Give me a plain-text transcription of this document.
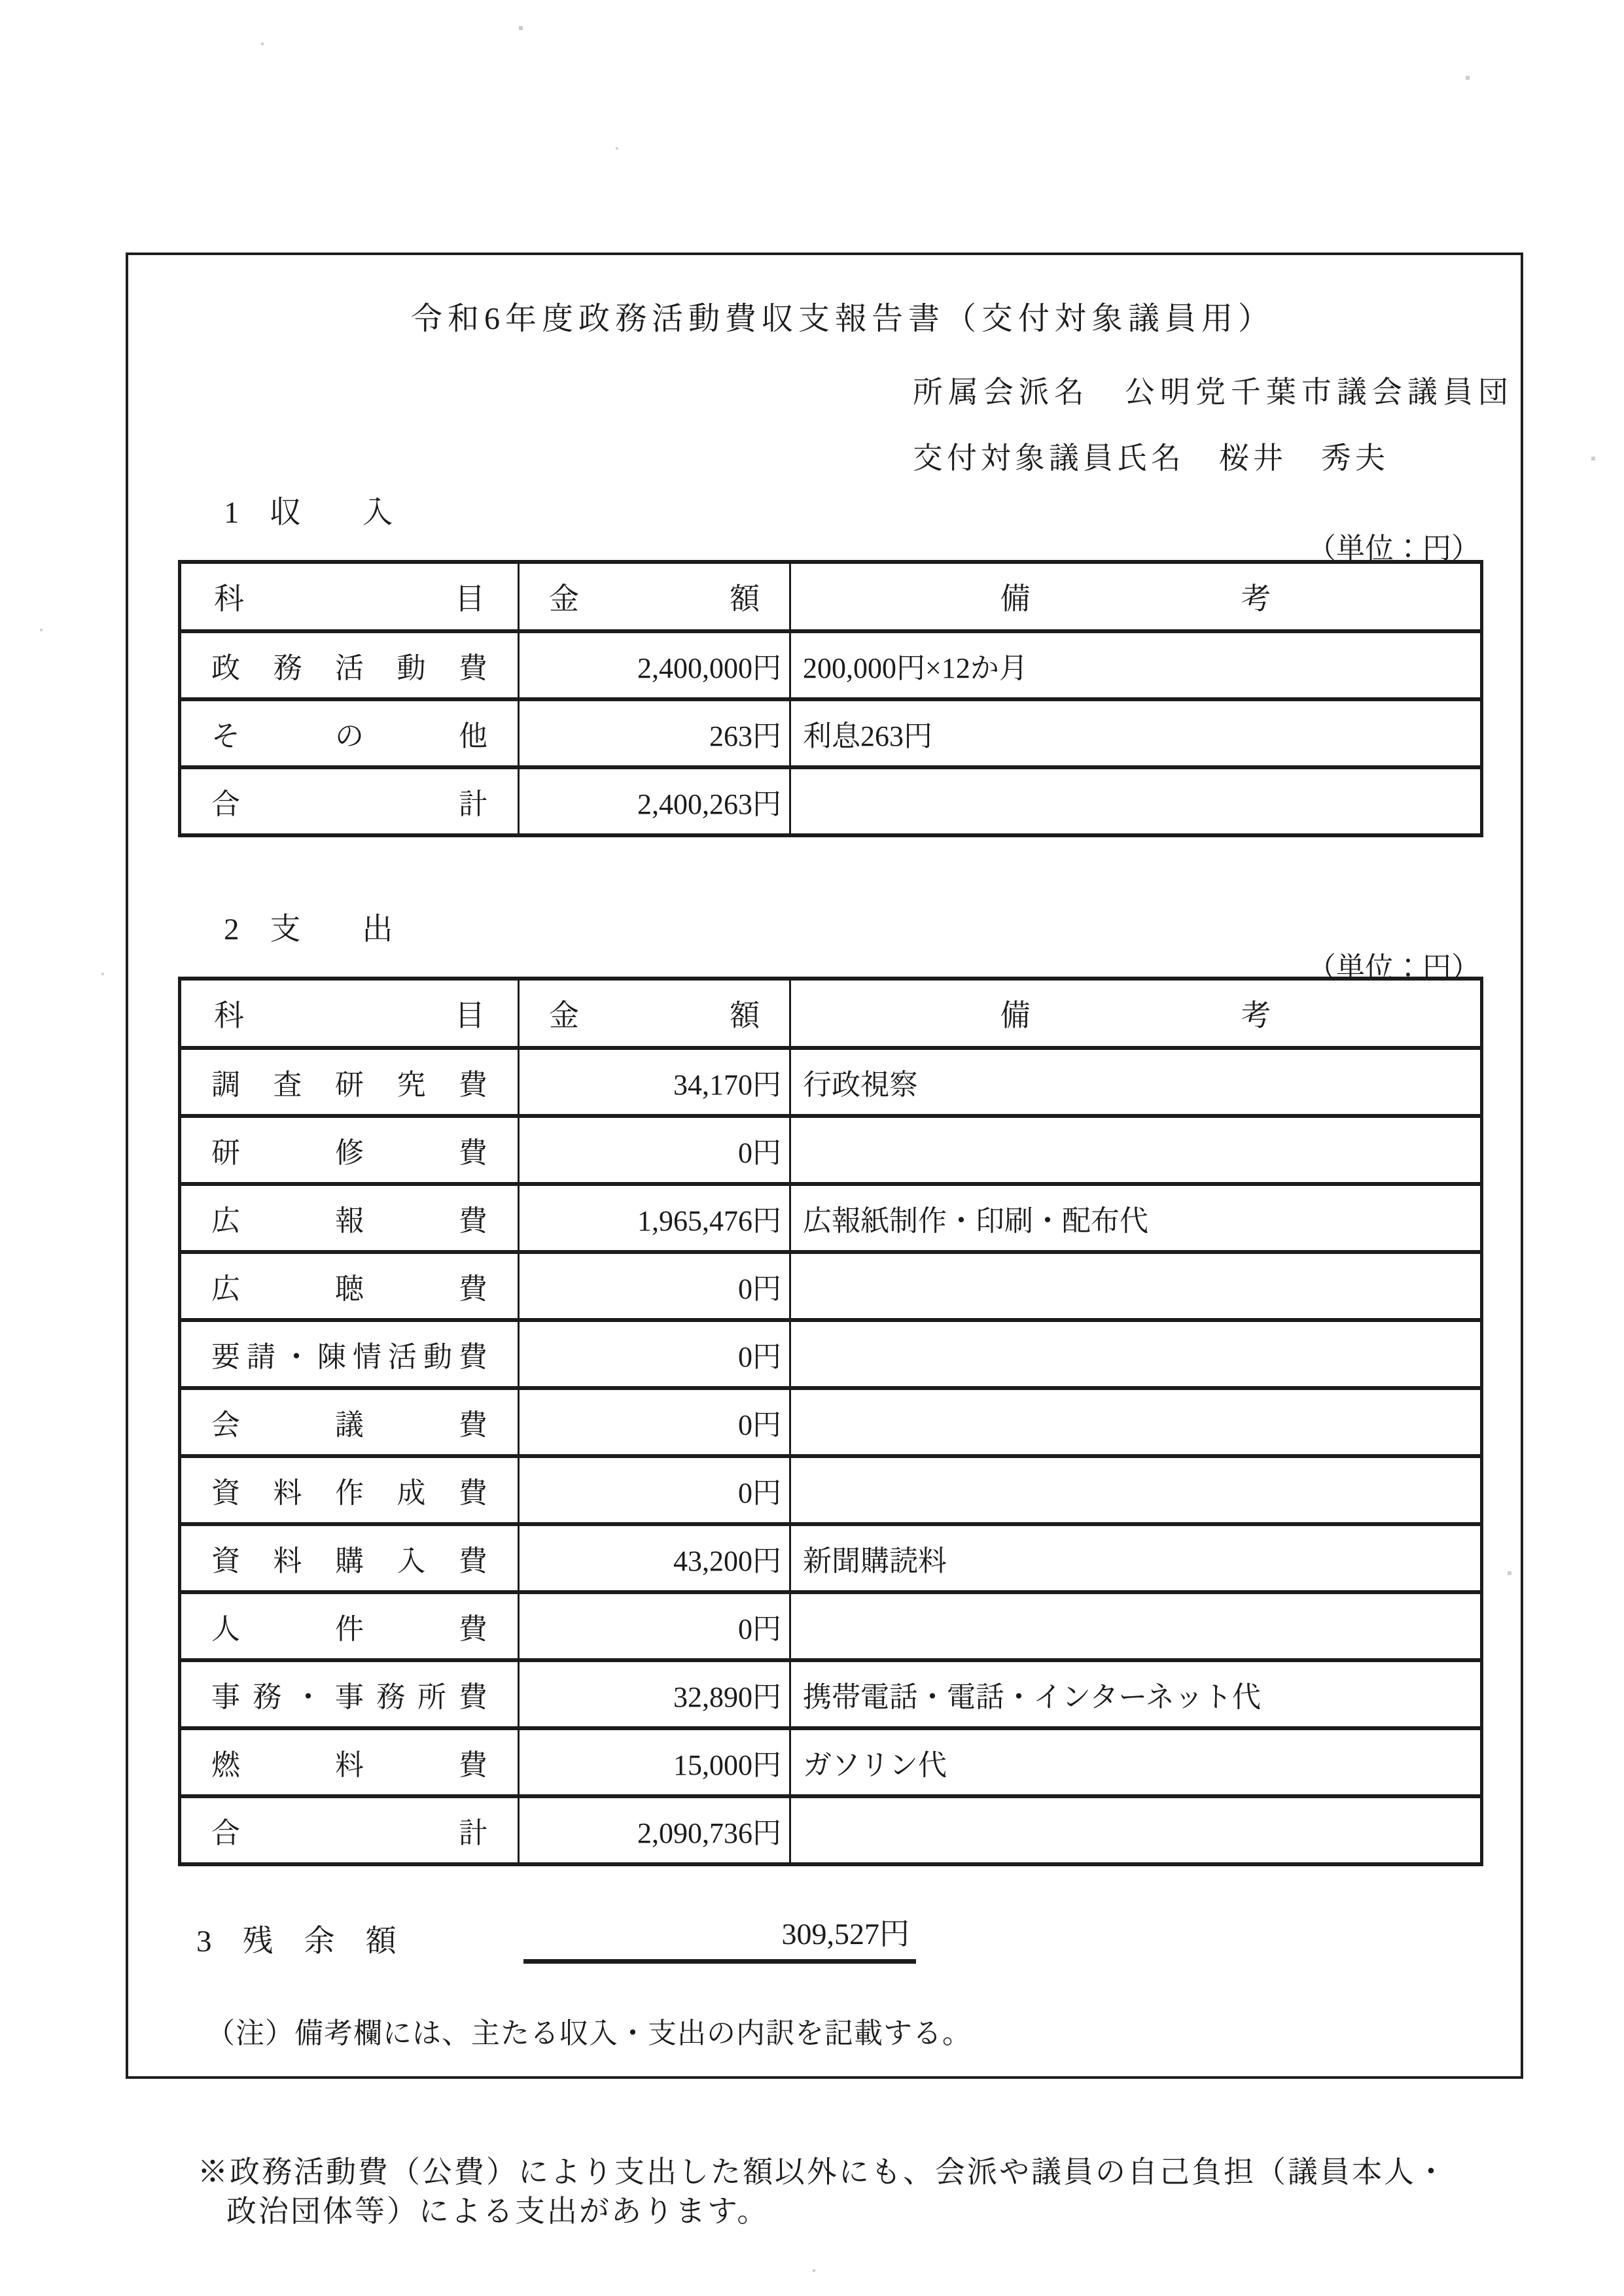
令和6年度政務活動費収支報告書（交付対象議員用）
所属会派名　公明党千葉市議会議員団
交付対象議員氏名　桜井　秀夫
1　収　　入
（単位：円）
科　　　　　　　目	金　　　　　額	備　　　　　　　考

政 務 活 動 費	2,400,000円	200,000円×12か月

そ の 他	263円	利息263円

合 計	2,400,263円	
2　支　　出
（単位：円）
科　　　　　　　目	金　　　　　額	備　　　　　　　考

調 査 研 究 費	34,170円	行政視察

研 修 費	0円	

広 報 費	1,965,476円	広報紙制作・印刷・配布代

広 聴 費	0円	

要 請 ・ 陳 情 活 動 費	0円	

会 議 費	0円	

資 料 作 成 費	0円	

資 料 購 入 費	43,200円	新聞購読料

人 件 費	0円	

事 務 ・ 事 務 所 費	32,890円	携帯電話・電話・インターネット代

燃 料 費	15,000円	ガソリン代

合 計	2,090,736円	
3　残　余　額	309,527円
（注）備考欄には、主たる収入・支出の内訳を記載する。
※政務活動費（公費）により支出した額以外にも、会派や議員の自己負担（議員本人・
政治団体等）による支出があります。
